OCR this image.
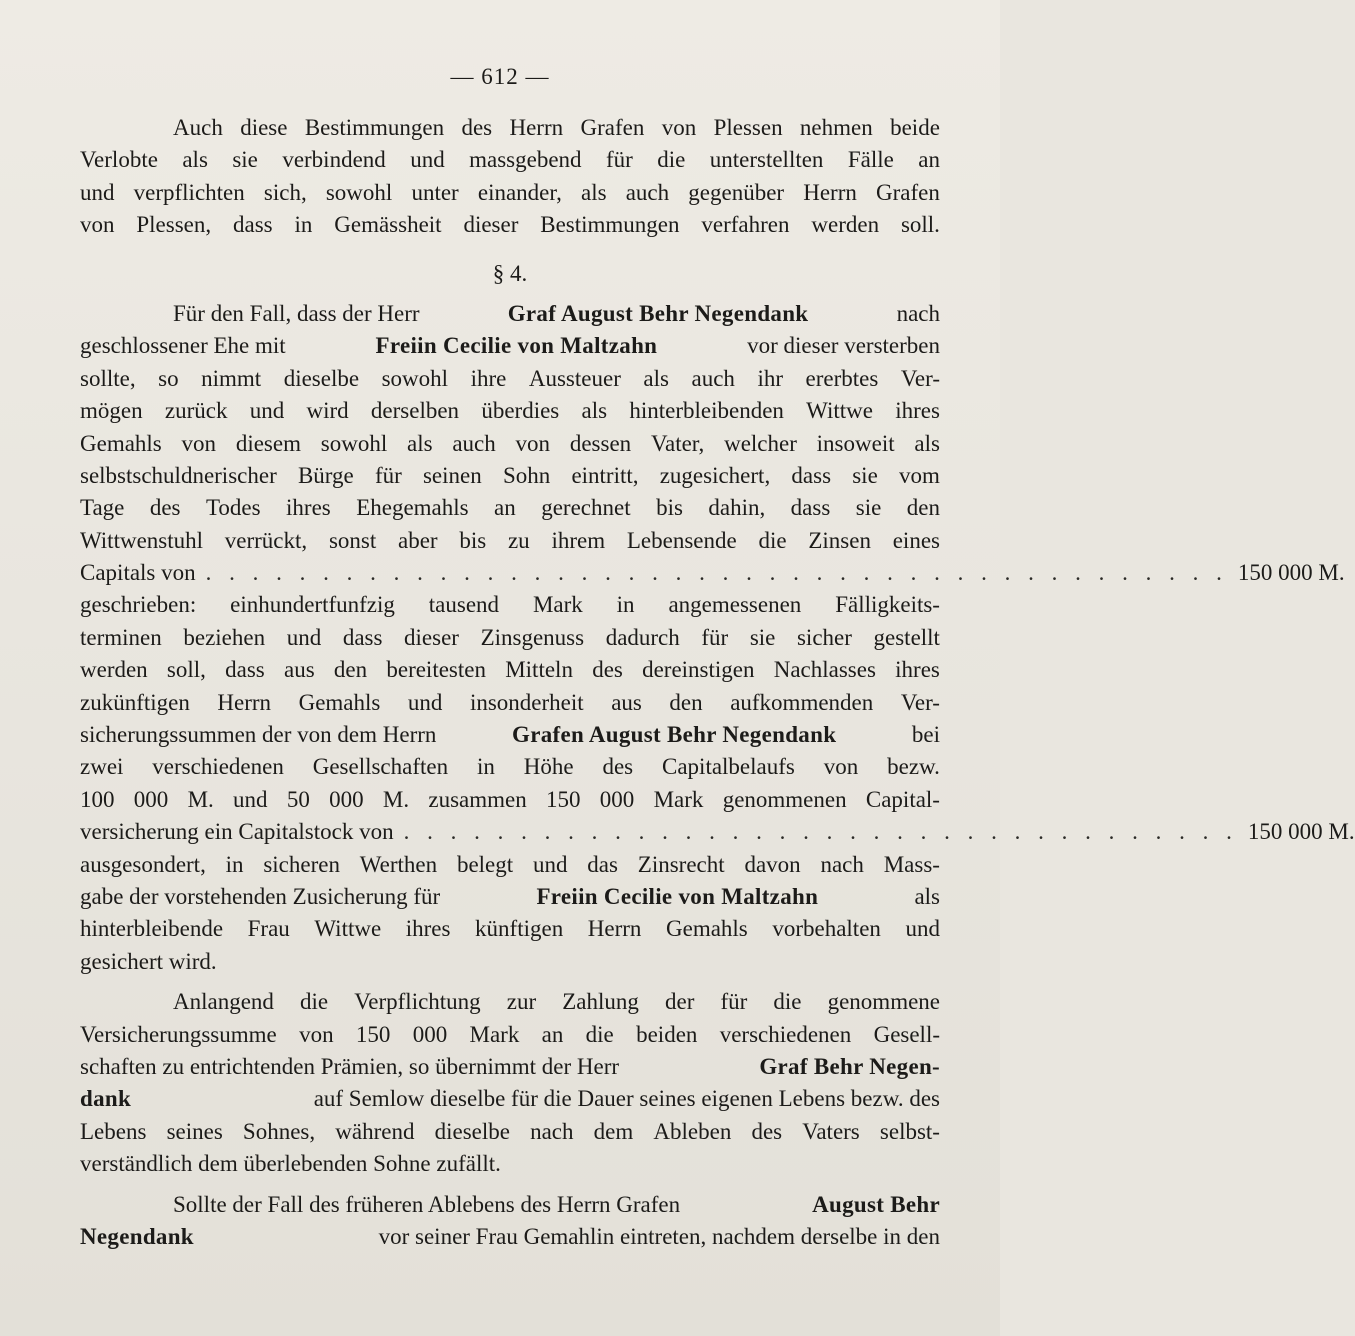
— 612 —
Auch diese Bestimmungen des Herrn Grafen von Plessen nehmen beide
Verlobte als sie verbindend und massgebend für die unterstellten Fälle an
und verpflichten sich, sowohl unter einander, als auch gegenüber Herrn Grafen
von Plessen, dass in Gemässheit dieser Bestimmungen verfahren werden soll.
§ 4.
Für den Fall, dass der Herr	Graf August Behr Negendank	nach
geschlossener Ehe mit	Freiin Cecilie von Maltzahn	vor dieser versterben
sollte, so nimmt dieselbe sowohl ihre Aussteuer als auch ihr ererbtes Ver-
mögen zurück und wird derselben überdies als hinterbleibenden Wittwe ihres
Gemahls von diesem sowohl als auch von dessen Vater, welcher insoweit als
selbstschuldnerischer Bürge für seinen Sohn eintritt, zugesichert, dass sie vom
Tage des Todes ihres Ehegemahls an gerechnet bis dahin, dass sie den
Wittwenstuhl verrückt, sonst aber bis zu ihrem Lebensende die Zinsen eines
Capitals von . . . . . . . . . . . . . . . . . . . . . . . . . . . . . . . . . . . . . . . . . . . . 150 000 M.
geschrieben: einhundertfunfzig tausend Mark in angemessenen Fälligkeits-
terminen beziehen und dass dieser Zinsgenuss dadurch für sie sicher gestellt
werden soll, dass aus den bereitesten Mitteln des dereinstigen Nachlasses ihres
zukünftigen Herrn Gemahls und insonderheit aus den aufkommenden Ver-
sicherungssummen der von dem Herrn	Grafen August Behr Negendank	bei
zwei verschiedenen Gesellschaften in Höhe des Capitalbelaufs von bezw.
100 000 M. und 50 000 M. zusammen 150 000 Mark genommenen Capital-
versicherung ein Capitalstock von . . . . . . . . . . . . . . . . . . . . . . . . . . . . . . . . . . . . 150 000 M.
ausgesondert, in sicheren Werthen belegt und das Zinsrecht davon nach Mass-
gabe der vorstehenden Zusicherung für	Freiin Cecilie von Maltzahn	als
hinterbleibende Frau Wittwe ihres künftigen Herrn Gemahls vorbehalten und
gesichert wird.
Anlangend die Verpflichtung zur Zahlung der für die genommene
Versicherungssumme von 150 000 Mark an die beiden verschiedenen Gesell-
schaften zu entrichtenden Prämien, so übernimmt der Herr	Graf Behr Negen-
dank	auf Semlow dieselbe für die Dauer seines eigenen Lebens bezw. des
Lebens seines Sohnes, während dieselbe nach dem Ableben des Vaters selbst-
verständlich dem überlebenden Sohne zufällt.
Sollte der Fall des früheren Ablebens des Herrn Grafen	August Behr
Negendank	vor seiner Frau Gemahlin eintreten, nachdem derselbe in den
